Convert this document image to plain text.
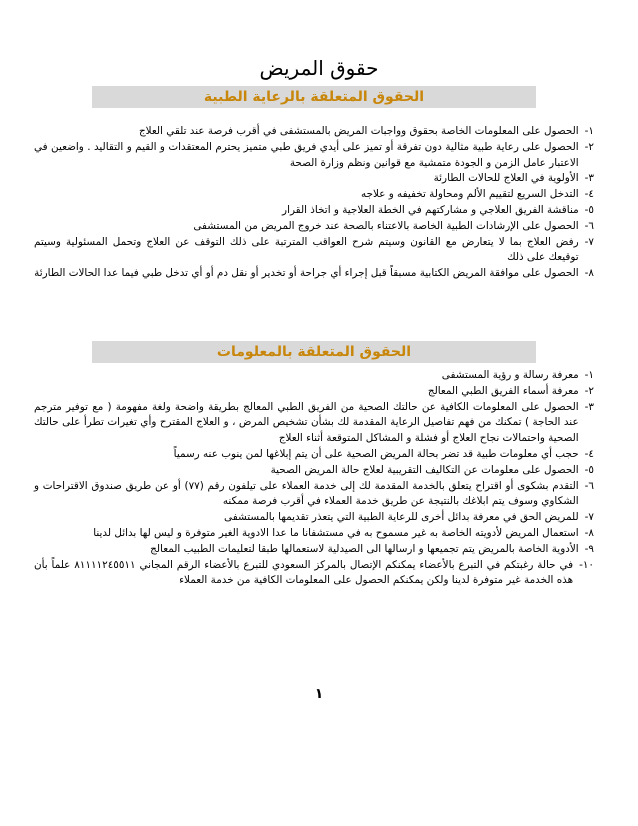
حقوق المريض
الحقوق المتعلقة بالرعاية الطبية
١-
الحصول على المعلومات الخاصة بحقوق وواجبات المريض بالمستشفى في أقرب فرصة عند تلقي العلاج
٢-
الحصول على رعاية طبية مثالية دون تفرقة أو تميز على أيدي فريق طبي متميز يحترم المعتقدات و القيم و التقاليد . واضعين في الاعتبار عامل الزمن و الجودة متمشية مع قوانين ونظم وزارة الصحة
٣-
الأولوية في العلاج للحالات الطارئة
٤-
التدخل السريع لتقييم الألم ومحاولة تخفيفه و علاجه
٥-
مناقشة الفريق العلاجي و مشاركتهم في الخطة العلاجية و اتخاذ القرار
٦-
الحصول على الإرشادات الطبية الخاصة بالاعتناء بالصحة عند خروج المريض من المستشفى
٧-
رفض العلاج بما لا يتعارض مع القانون وسيتم شرح العواقب المترتبة على ذلك التوقف عن العلاج وتحمل المسئولية وسيتم توقيعك على ذلك
٨-
الحصول على موافقة المريض الكتابية مسبقاً قبل إجراء أي جراحة أو تخدير أو نقل دم أو أي تدخل طبي فيما عدا الحالات الطارئة
الحقوق المتعلقة بالمعلومات
١-
معرفة رسالة و رؤية المستشفى
٢-
معرفة أسماء الفريق الطبي المعالج
٣-
الحصول على المعلومات الكافية عن حالتك الصحية من الفريق الطبي المعالج بطريقة واضحة ولغة مفهومة ( مع توفير مترجم عند الحاجة ) تمكنك من فهم تفاصيل الرعاية المقدمة لك بشأن تشخيص المرض ، و العلاج المقترح وأي تغيرات تطرأ على حالتك الصحية واحتمالات نجاح العلاج أو فشلة و المشاكل المتوقعة أثناء العلاج
٤-
حجب أي معلومات طبية قد تضر بحالة المريض الصحية على أن يتم إبلاغها لمن ينوب عنه رسمياً
٥-
الحصول على معلومات عن التكاليف التقريبية لعلاج حالة المريض الصحية
٦-
التقدم بشكوى أو اقتراح يتعلق بالخدمة المقدمة لك إلى خدمة العملاء على تيلفون رقم (٧٧) أو عن طريق صندوق الاقتراحات و الشكاوي وسوف يتم ابلاغك بالنتيجة عن طريق خدمة العملاء في أقرب فرصة ممكنه
٧-
للمريض الحق في معرفة بدائل أخرى للرعاية الطبية التي يتعذر تقديمها بالمستشفى
٨-
استعمال المريض لأدويته الخاصة به غير مسموح به في مستشفانا ما عدا الادوية الغير متوفرة و ليس لها بدائل لدينا
٩-
الأدوية الخاصة بالمريض يتم تجميعها و ارسالها الى الصيدلية لاستعمالها طبقا لتعليمات الطبيب المعالج
١٠-
في حالة رغبتكم في التبرع بالأعضاء يمكنكم الإتصال بالمركز السعودي للتبرع بالأعضاء الرقم المجاني ٨١١١١٢٤٥٥١١ علماً بأن هذه الخدمة غير متوفرة لدينا ولكن يمكنكم الحصول على المعلومات الكافية من خدمة العملاء
١
